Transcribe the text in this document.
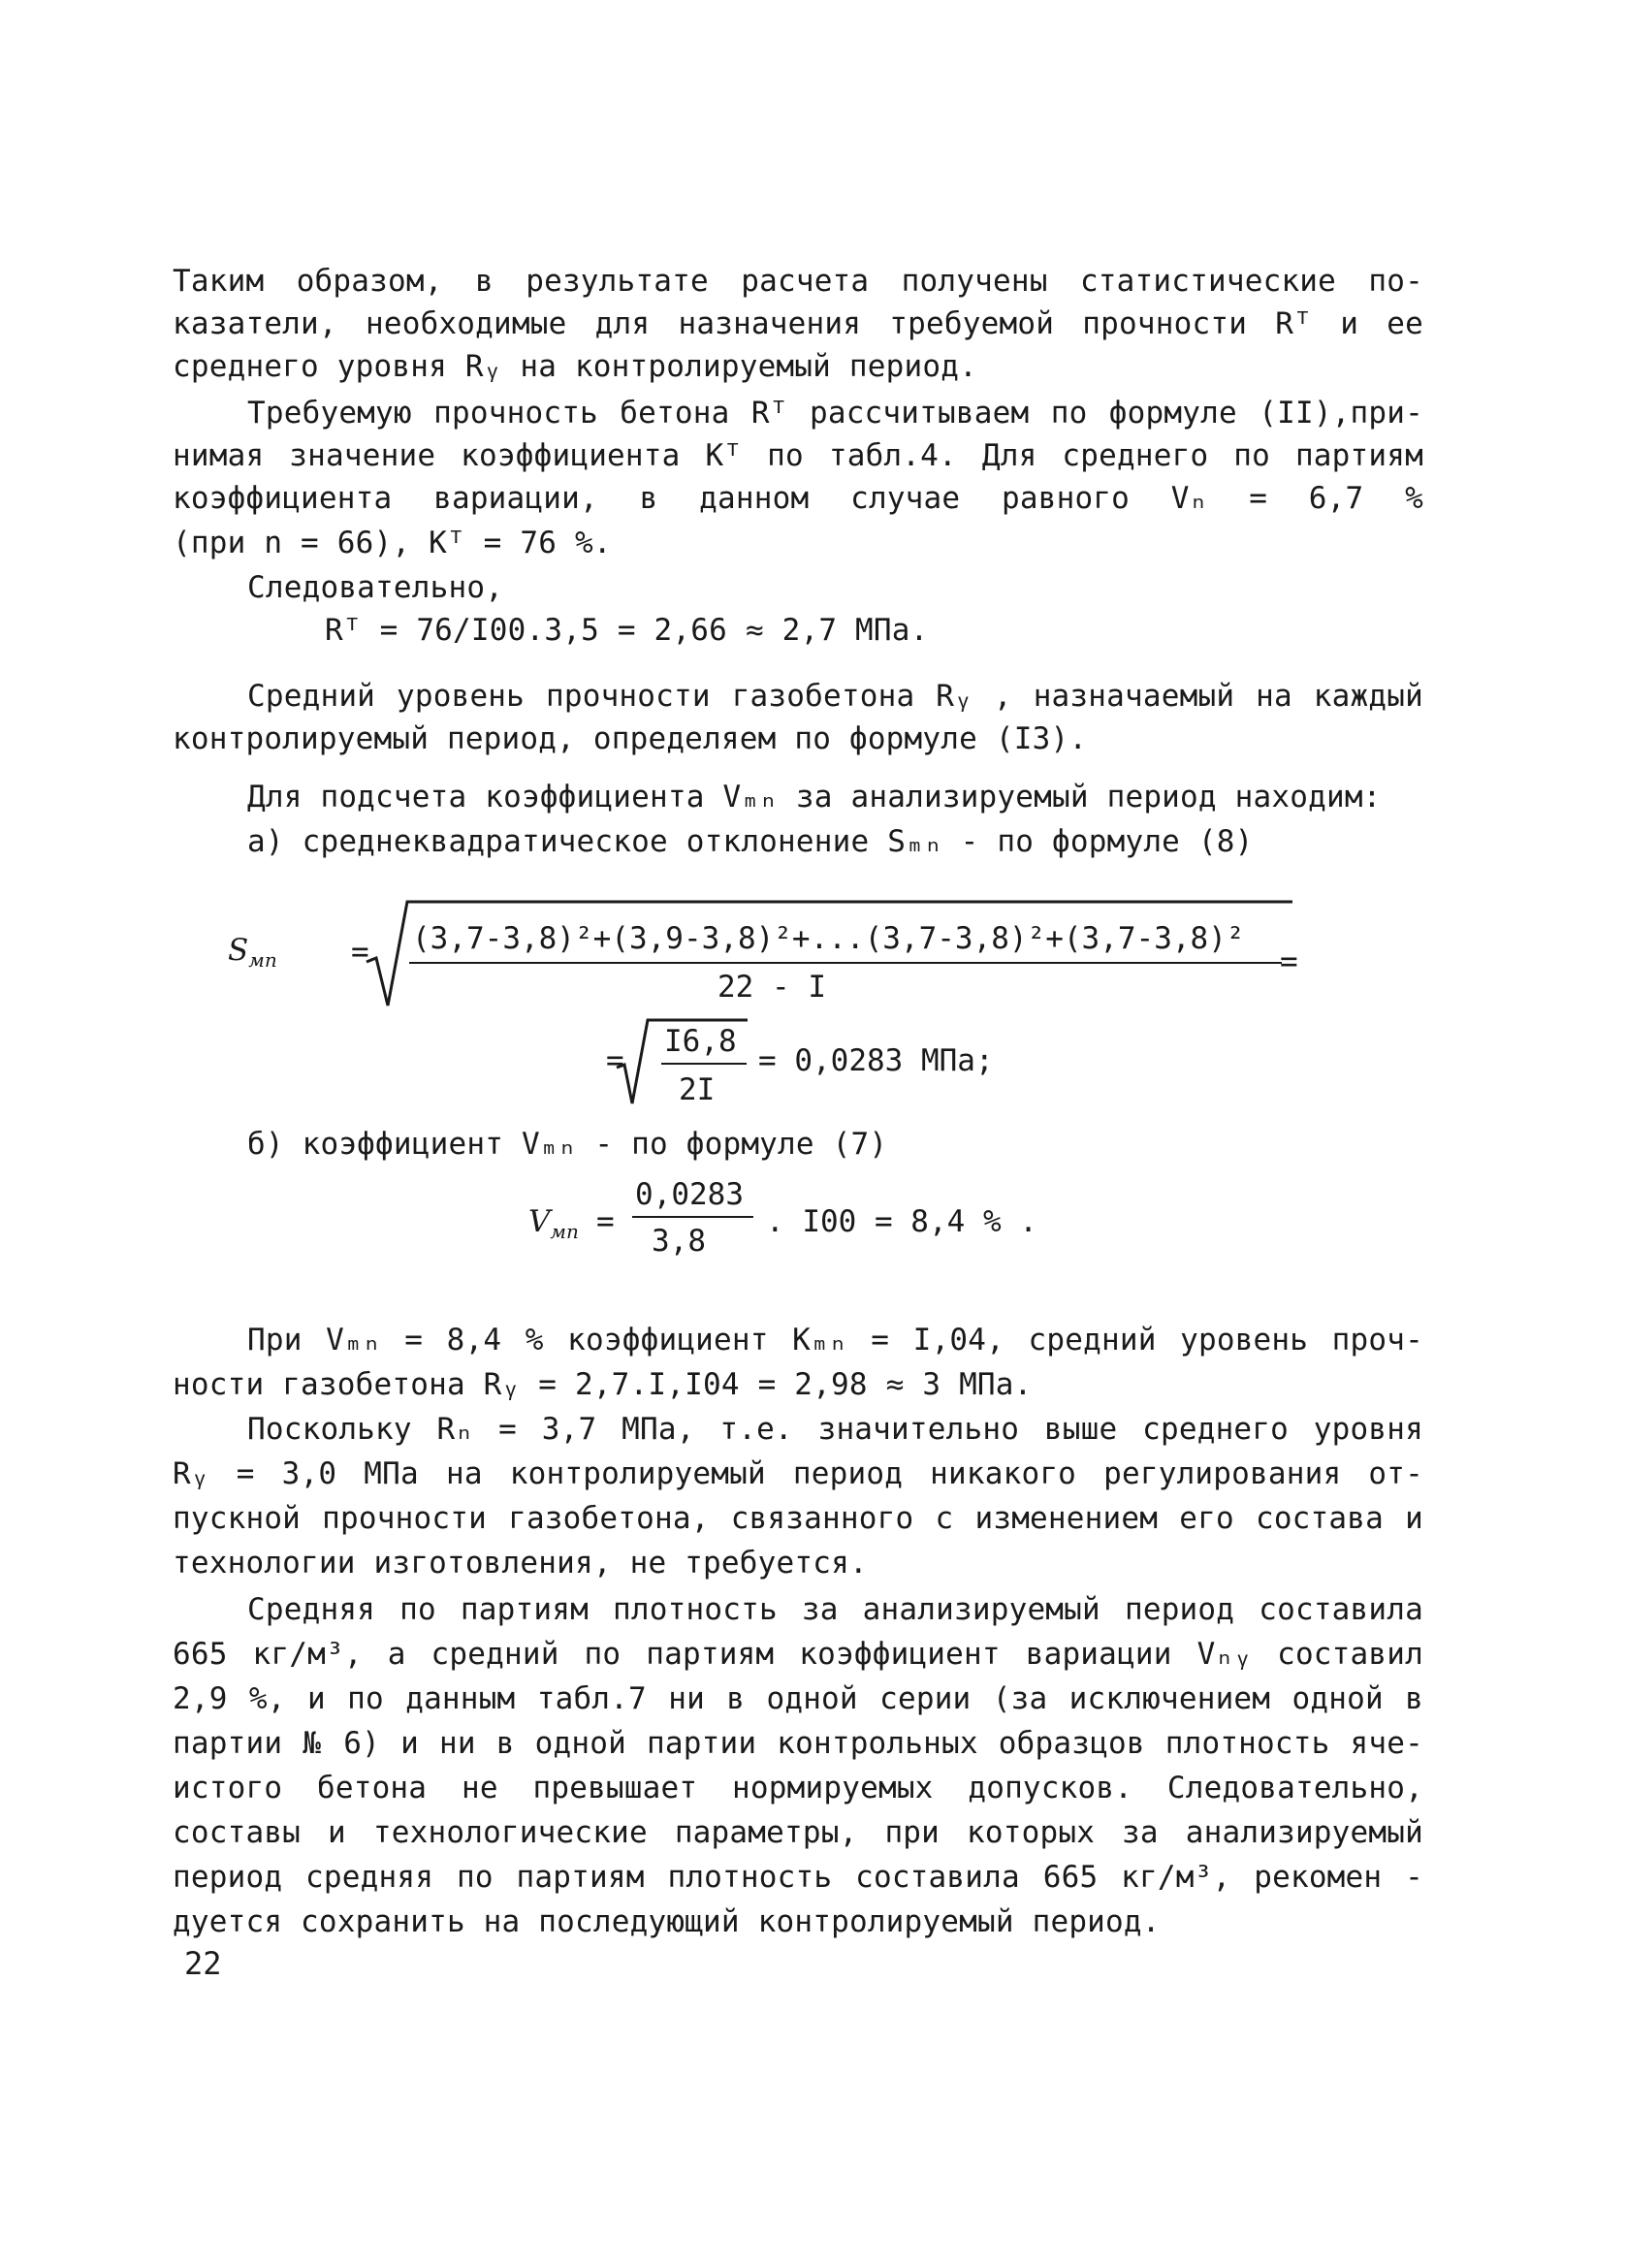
Таким образом, в результате расчета получены статистические по-
казатели, необходимые для назначения требуемой прочности Rᵀ и ее
среднего уровня Rᵧ на контролируемый период.
Требуемую прочность бетона Rᵀ рассчитываем по формуле (II),при-
нимая значение коэффициента Kᵀ по табл.4. Для среднего по партиям
коэффициента вариации, в данном случае равного Vₙ = 6,7 %
(при n = 66), Kᵀ = 76 %.
Следовательно,
Rᵀ = 76/I00.3,5 = 2,66 ≈ 2,7 МПа.
Средний уровень прочности газобетона Rᵧ , назначаемый на каждый
контролируемый период, определяем по формуле (I3).
Для подсчета коэффициента Vₘₙ за анализируемый период находим:
а) среднеквадратическое отклонение Sₘₙ - по формуле (8)
$S_{мп} = (3,7-3,8)^2+(3,9-3,8)^2+...(3,7-3,8)^2+(3,7-3,8)^2$
22 - I
=
=
I6,8
2I
= 0,0283 МПа;
б) коэффициент Vₘₙ - по формуле (7)
$V_{мп}$ =
0,0283
3,8
. I00 = 8,4 % .
При Vₘₙ = 8,4 % коэффициент Kₘₙ = I,04, средний уровень проч-
ности газобетона Rᵧ = 2,7.I,I04 = 2,98 ≈ 3 МПа.
Поскольку Rₙ = 3,7 МПа, т.е. значительно выше среднего уровня
Rᵧ = 3,0 МПа на контролируемый период никакого регулирования от-
пускной прочности газобетона, связанного с изменением его состава и
технологии изготовления, не требуется.
Средняя по партиям плотность за анализируемый период составила
665 кг/м³, а средний по партиям коэффициент вариации Vₙᵧ составил
2,9 %, и по данным табл.7 ни в одной серии (за исключением одной в
партии № 6) и ни в одной партии контрольных образцов плотность яче-
истого бетона не превышает нормируемых допусков. Следовательно,
составы и технологические параметры, при которых за анализируемый
период средняя по партиям плотность составила 665 кг/м³, рекомен -
дуется сохранить на последующий контролируемый период.
22
